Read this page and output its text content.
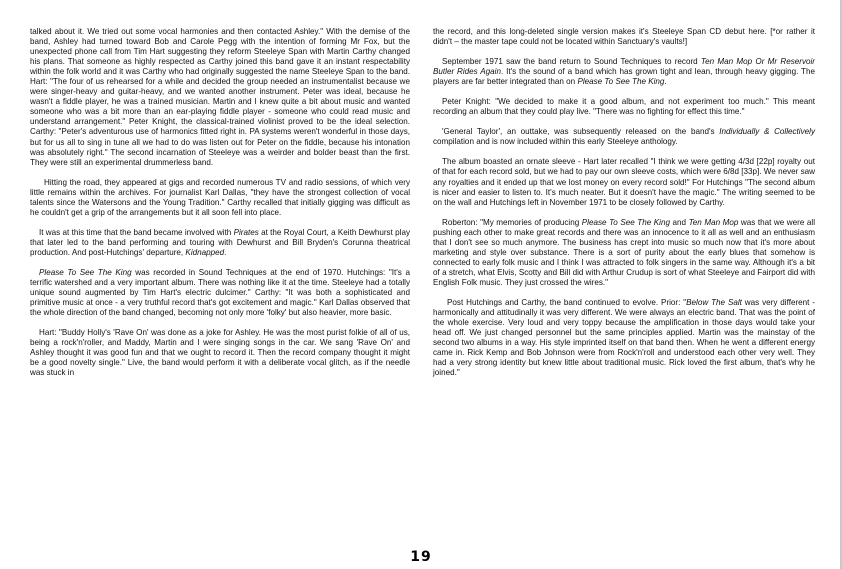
talked about it. We tried out some vocal harmonies and then contacted Ashley." With the demise of the band, Ashley had turned toward Bob and Carole Pegg with the intention of forming Mr Fox, but the unexpected phone call from Tim Hart suggesting they reform Steeleye Span with Martin Carthy changed his plans. That someone as highly respected as Carthy joined this band gave it an instant respectability within the folk world and it was Carthy who had originally suggested the name Steeleye Span to the band. Hart: "The four of us rehearsed for a while and decided the group needed an instrumentalist because we were singer-heavy and guitar-heavy, and we wanted another instrument. Peter was ideal, because he wasn't a fiddle player, he was a trained musician. Martin and I knew quite a bit about music and wanted someone who was a bit more than an ear-playing fiddle player - someone who could read music and understand arrangement." Peter Knight, the classical-trained violinist proved to be the ideal selection. Carthy: "Peter's adventurous use of harmonics fitted right in. PA systems weren't wonderful in those days, but for us all to sing in tune all we had to do was listen out for Peter on the fiddle, because his intonation was absolutely right." The second incarnation of Steeleye was a weirder and bolder beast than the first. They were still an experimental drummerless band.

Hitting the road, they appeared at gigs and recorded numerous TV and radio sessions, of which very little remains within the archives. For journalist Karl Dallas, "they have the strongest collection of vocal talents since the Watersons and the Young Tradition." Carthy recalled that initially gigging was difficult as he couldn't get a grip of the arrangements but it all soon fell into place.

It was at this time that the band became involved with Pirates at the Royal Court, a Keith Dewhurst play that later led to the band performing and touring with Dewhurst and Bill Bryden's Corunna theatrical production. And post-Hutchings' departure, Kidnapped.

Please To See The King was recorded in Sound Techniques at the end of 1970. Hutchings: "It's a terrific watershed and a very important album. There was nothing like it at the time. Steeleye had a totally unique sound augmented by Tim Hart's electric dulcimer." Carthy: "It was both a sophisticated and primitive music at once - a very truthful record that's got excitement and magic." Karl Dallas observed that the whole direction of the band changed, becoming not only more 'folky' but also heavier, more basic.

Hart: "Buddy Holly's 'Rave On' was done as a joke for Ashley. He was the most purist folkie of all of us, being a rock'n'roller, and Maddy, Martin and I were singing songs in the car. We sang 'Rave On' and Ashley thought it was good fun and that we ought to record it. Then the record company thought it might be a good novelty single." Live, the band would perform it with a deliberate vocal glitch, as if the needle was stuck in

the record, and this long-deleted single version makes it's Steeleye Span CD debut here. [*or rather it didn't – the master tape could not be located within Sanctuary's vaults!]

September 1971 saw the band return to Sound Techniques to record Ten Man Mop Or Mr Reservoir Butler Rides Again. It's the sound of a band which has grown tight and lean, through heavy gigging. The players are far better integrated than on Please To See The King.

Peter Knight: "We decided to make it a good album, and not experiment too much." This meant recording an album that they could play live. "There was no fighting for effect this time."

'General Taylor', an outtake, was subsequently released on the band's Individually & Collectively compilation and is now included within this early Steeleye anthology.

The album boasted an ornate sleeve - Hart later recalled "I think we were getting 4/3d [22p] royalty out of that for each record sold, but we had to pay our own sleeve costs, which were 6/8d [33p]. We never saw any royalties and it ended up that we lost money on every record sold!" For Hutchings "The second album is nicer and easier to listen to. It's much neater. But it doesn't have the magic." The writing seemed to be on the wall and Hutchings left in November 1971 to be closely followed by Carthy.

Roberton: "My memories of producing Please To See The King and Ten Man Mop was that we were all pushing each other to make great records and there was an innocence to it all as well and an enthusiasm that I don't see so much anymore. The business has crept into music so much now that it's more about marketing and style over substance. There is a sort of purity about the early blues that somehow is connected to early folk music and I think I was attracted to folk singers in the same way. Although it's a bit of a stretch, what Elvis, Scotty and Bill did with Arthur Crudup is sort of what Steeleye and Fairport did with English Folk music. They just crossed the wires."

Post Hutchings and Carthy, the band continued to evolve. Prior: "Below The Salt was very different - harmonically and attitudinally it was very different. We were always an electric band. That was the point of the whole exercise. Very loud and very toppy because the amplification in those days would take your head off. We just changed personnel but the same principles applied. Martin was the mainstay of the second two albums in a way. His style imprinted itself on that band then. When he went a different energy came in. Rick Kemp and Bob Johnson were from Rock'n'roll and understood each other very well. They had a very strong identity but knew little about traditional music. Rick loved the first album, that's why he joined."

19
